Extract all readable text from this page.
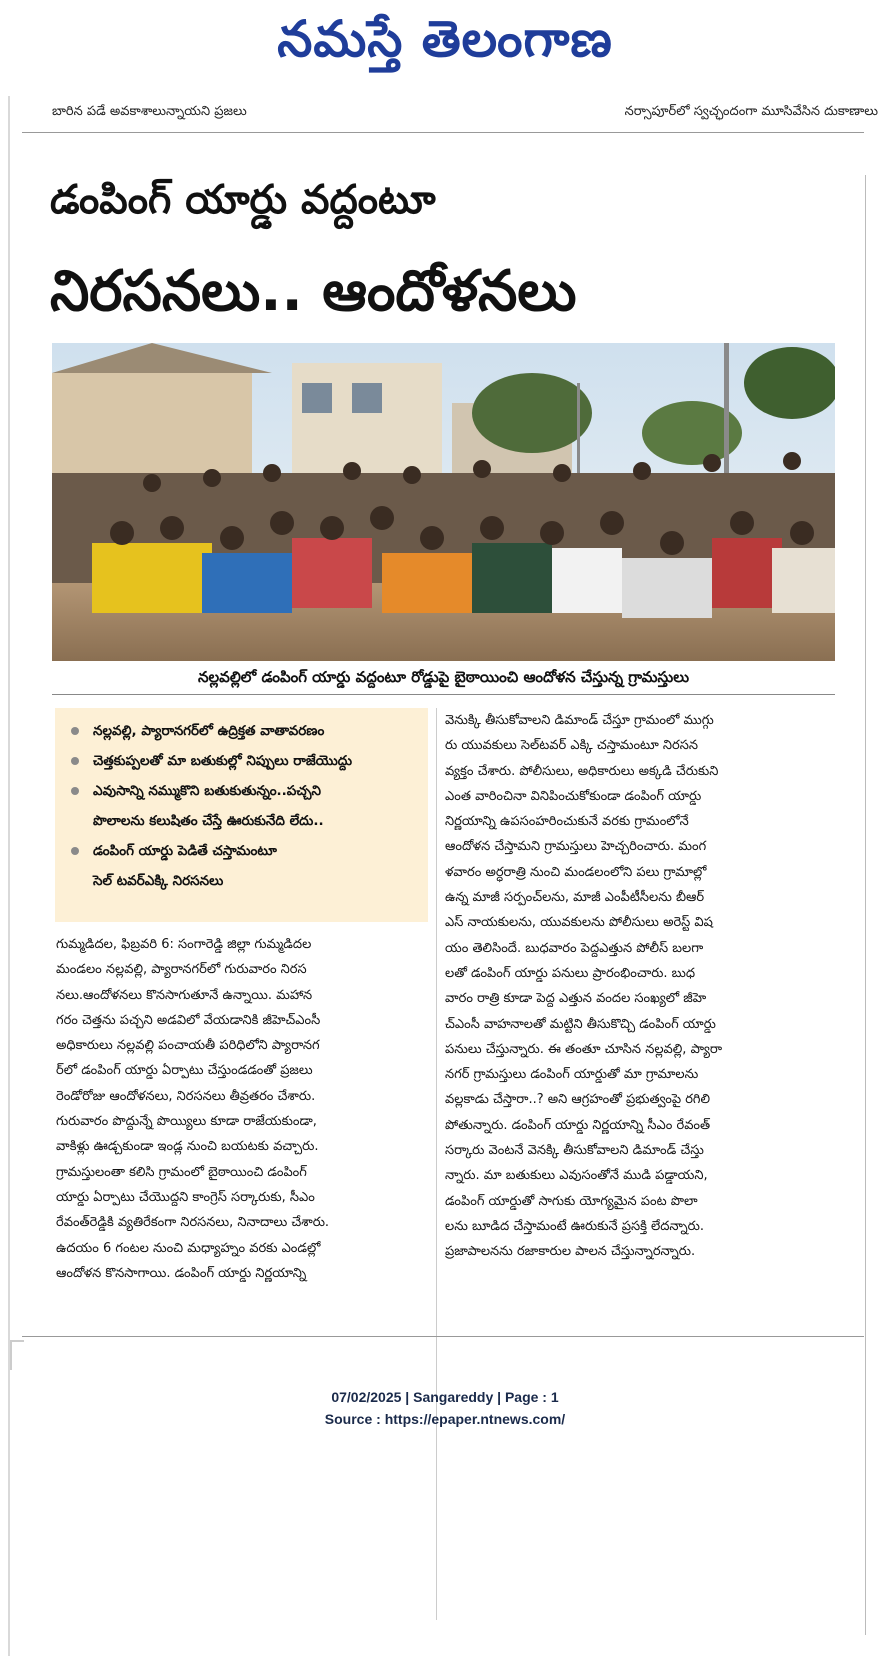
నమస్తే తెలంగాణ
బారిన పడే అవకాశాలున్నాయని ప్రజలు	నర్సాపూర్‌లో స్వచ్ఛందంగా మూసివేసిన దుకాణాలు
డంపింగ్ యార్డు వద్దంటూ
నిరసనలు.. ఆందోళనలు
నల్లవల్లిలో డంపింగ్ యార్డు వద్దంటూ రోడ్డుపై బైఠాయించి ఆందోళన చేస్తున్న గ్రామస్తులు
నల్లవల్లి, ప్యారానగర్‌లో ఉద్రిక్తత వాతావరణం
చెత్తకుప్పలతో మా బతుకుల్లో నిప్పులు రాజేయొద్దు
ఎవుసాన్ని నమ్ముకొని బతుకుతున్నం..పచ్చని
పొలాలను కలుషితం చేస్తే ఊరుకునేది లేదు..
డంపింగ్ యార్డు పెడితే చస్తామంటూ
సెల్ టవర్‌ఎక్కి నిరసనలు
గుమ్మడిదల, ఫిబ్రవరి 6: సంగారెడ్డి జిల్లా గుమ్మడిదల
మండలం నల్లవల్లి, ప్యారానగర్‌లో గురువారం నిరస
నలు.ఆందోళనలు కొనసాగుతూనే ఉన్నాయి. మహాన
గరం చెత్తను పచ్చని అడవిలో వేయడానికి జీహెచ్‌ఎంసీ
అధికారులు నల్లవల్లి పంచాయతీ పరిధిలోని ప్యారానగ
ర్‌లో డంపింగ్ యార్డు ఏర్పాటు చేస్తుండడంతో ప్రజలు
రెండోరోజు ఆందోళనలు, నిరసనలు తీవ్రతరం చేశారు.
గురువారం పొద్దున్నే పొయ్యిలు కూడా రాజేయకుండా,
వాకిళ్లు ఊడ్చకుండా ఇండ్ల నుంచి బయటకు వచ్చారు.
గ్రామస్తులంతా కలిసి గ్రామంలో బైఠాయించి డంపింగ్
యార్డు ఏర్పాటు చేయొద్దని కాంగ్రెస్ సర్కారుకు, సీఎం
రేవంత్‌రెడ్డికి వ్యతిరేకంగా నిరసనలు, నినాదాలు చేశారు.
ఉదయం 6 గంటల నుంచి మధ్యాహ్నం వరకు ఎండల్లో
ఆందోళన కొనసాగాయి. డంపింగ్ యార్డు నిర్ణయాన్ని
వెనుక్కి తీసుకోవాలని డిమాండ్ చేస్తూ గ్రామంలో ముగ్గు
రు యువకులు సెల్‌టవర్ ఎక్కి చస్తామంటూ నిరసన
వ్యక్తం చేశారు. పోలీసులు, అధికారులు అక్కడి చేరుకుని
ఎంత వారించినా వినిపించుకోకుండా డంపింగ్ యార్డు
నిర్ణయాన్ని ఉపసంహరించుకునే వరకు గ్రామంలోనే
ఆందోళన చేస్తామని గ్రామస్తులు హెచ్చరించారు. మంగ
ళవారం అర్ధరాత్రి నుంచి మండలంలోని పలు గ్రామాల్లో
ఉన్న మాజీ సర్పంచ్‌లను, మాజీ ఎంపీటీసీలను బీఆర్
ఎస్ నాయకులను, యువకులను పోలీసులు అరెస్ట్ విష
యం తెలిసిందే. బుధవారం పెద్దఎత్తున పోలీస్ బలగా
లతో డంపింగ్ యార్డు పనులు ప్రారంభించారు. బుధ
వారం రాత్రి కూడా పెద్ద ఎత్తున వందల సంఖ్యలో జీహె
చ్‌ఎంసీ వాహనాలతో మట్టిని తీసుకొచ్చి డంపింగ్ యార్డు
పనులు చేస్తున్నారు. ఈ తంతూ చూసిన నల్లవల్లి, ప్యారా
నగర్ గ్రామస్తులు డంపింగ్ యార్డుతో మా గ్రామాలను
వల్లకాడు చేస్తారా..? అని ఆగ్రహంతో ప్రభుత్వంపై రగిలి
పోతున్నారు. డంపింగ్ యార్డు నిర్ణయాన్ని సీఎం రేవంత్
సర్కారు వెంటనే వెనక్కి తీసుకోవాలని డిమాండ్ చేస్తు
న్నారు. మా బతుకులు ఎవుసంతోనే ముడి పడ్డాయని,
డంపింగ్ యార్డుతో సాగుకు యోగ్యమైన పంట పొలా
లను బూడిద చేస్తామంటే ఊరుకునే ప్రసక్తి లేదన్నారు.
ప్రజాపాలనను రజాకారుల పాలన చేస్తున్నారన్నారు.
07/02/2025 | Sangareddy | Page : 1
Source : https://epaper.ntnews.com/
